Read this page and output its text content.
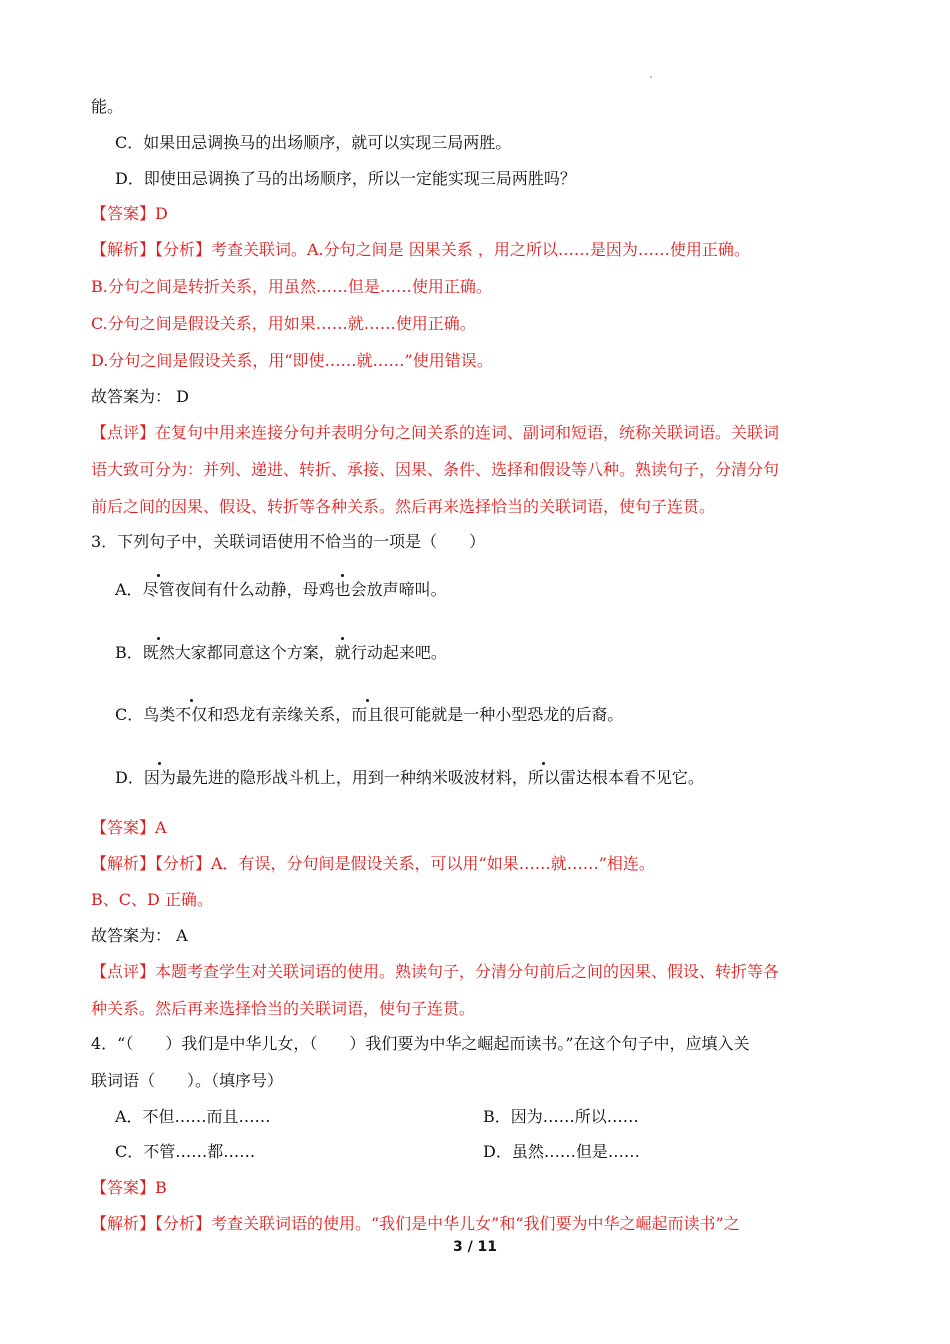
能。
C．如果田忌调换马的出场顺序，就可以实现三局两胜。
D．即使田忌调换了马的出场顺序，所以一定能实现三局两胜吗？
【答案】D
【解析】【分析】考查关联词。A.分句之间是 因果关系 ，用之所以……是因为……使用正确。
B.分句之间是转折关系，用虽然……但是……使用正确。
C.分句之间是假设关系，用如果……就……使用正确。
D.分句之间是假设关系，用“即使……就……”使用错误。
故答案为： D
【点评】在复句中用来连接分句并表明分句之间关系的连词、副词和短语，统称关联词语。关联词
语大致可分为：并列、递进、转折、承接、因果、条件、选择和假设等八种。熟读句子，分清分句
前后之间的因果、假设、转折等各种关系。然后再来选择恰当的关联词语，使句子连贯。
3．下列句子中，关联词语使用不恰当的一项是（　　）
A．尽管夜间有什么动静，母鸡也会放声啼叫。
B．既然大家都同意这个方案，就行动起来吧。
C．鸟类不仅和恐龙有亲缘关系，而且很可能就是一种小型恐龙的后裔。
D．因为最先进的隐形战斗机上，用到一种纳米吸波材料，所以雷达根本看不见它。
【答案】A
【解析】【分析】A．有误，分句间是假设关系，可以用“如果……就……”相连。
B、C、D 正确。
故答案为： A
【点评】本题考查学生对关联词语的使用。熟读句子，分清分句前后之间的因果、假设、转折等各
种关系。然后再来选择恰当的关联词语，使句子连贯。
4．“（　　）我们是中华儿女，（　　）我们要为中华之崛起而读书。”在这个句子中，应填入关
联词语（　　）。（填序号）
A．不但……而且……	B．因为……所以……
C．不管……都……	D．虽然……但是……
【答案】B
【解析】【分析】考查关联词语的使用。“我们是中华儿女”和“我们要为中华之崛起而读书”之
3 / 11
